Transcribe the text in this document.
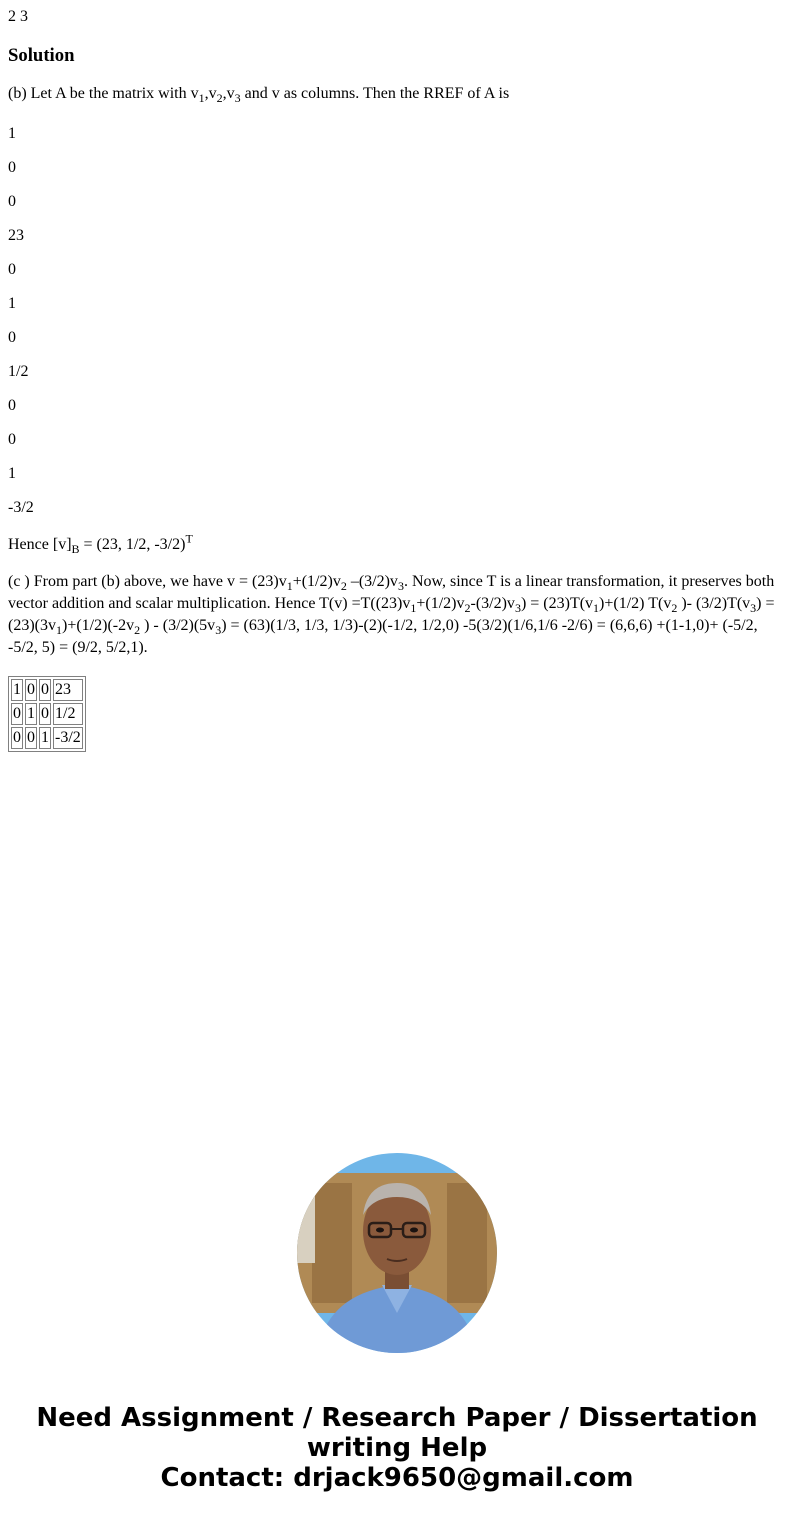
2 3
Solution

(b) Let A be the matrix with $v_1,v_2,v_3$ and v as columns. Then the RREF of A is

1

0

0

23

0

1

0

1/2

0

0

1

-3/2

Hence $[v]_B = (23$, 1/2, -3/2)$^T$

(c ) From part (b) above, we have $v = (23)v_1+(1/2)v_2$ $-(3/2)v_3$. Now, since T is a linear transformation, it preserves both vector addition and scalar multiplication. Hence $T(v) =T((23)v_1+(1/2)v_2-(3/2)v_3) = (23)T(v_1)+(1/2)$ $T(v_2$ )- $(3/2)T(v_3) = (23)(3v_1)+(1/2)(-2v_2$ ) - $(3/2)(5v_3) = (63)(1/3$, 1/3, 1/3)-(2)(-1/2, 1/2,0) -5(3/2)(1/6,1/6 -2/6) = (6,6,6) +(1-1,0)+ (-5/2, -5/2, 5) = (9/2, 5/2,1).

1	0	0	23
0	1	0	1/2
0	0	1	-3/2
Need Assignment / Research Paper / Dissertation
writing Help
Contact: drjack9650@gmail.com
